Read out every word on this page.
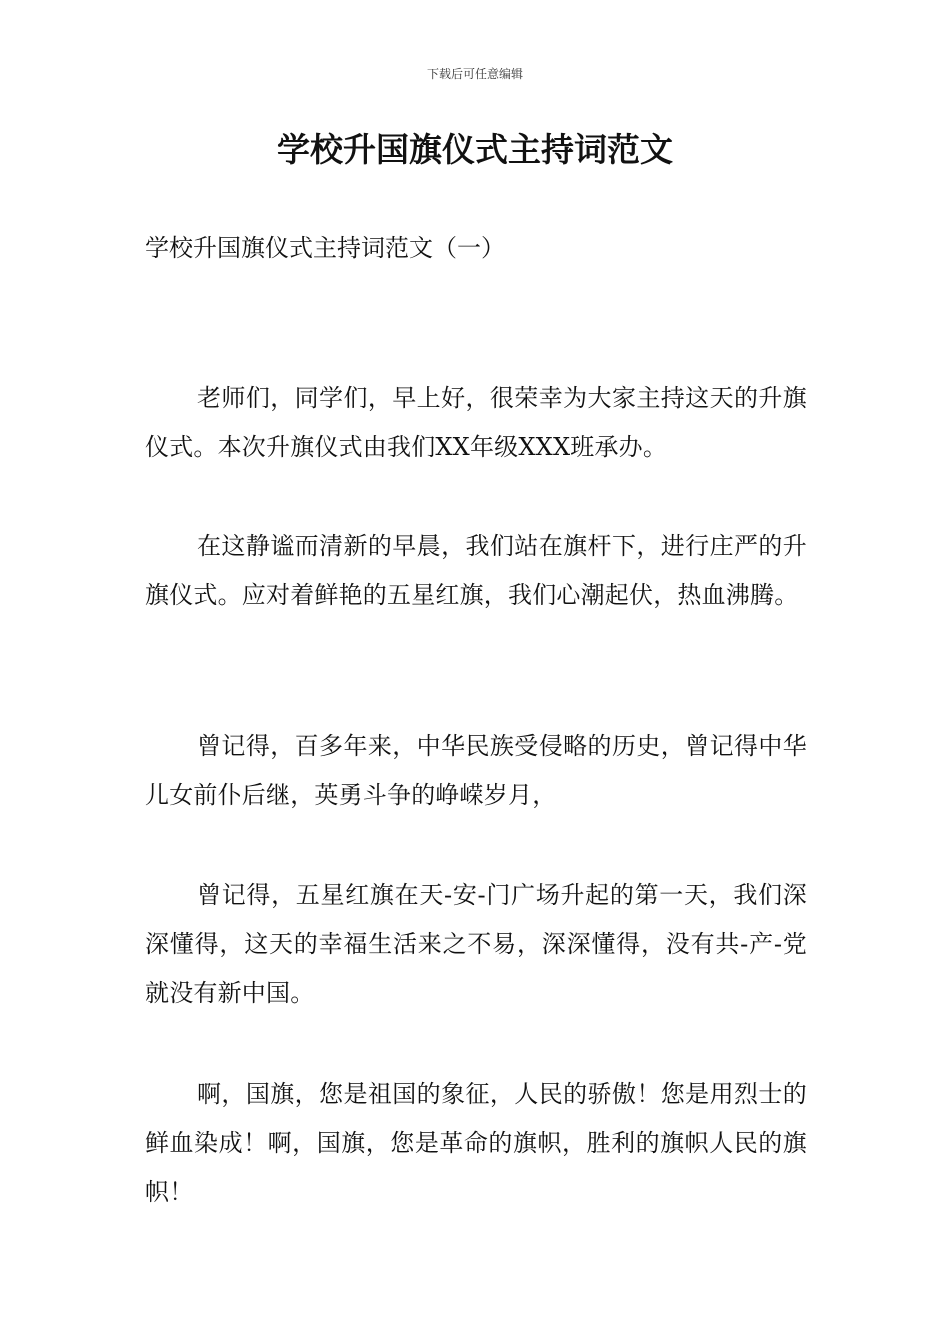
下载后可任意编辑
学校升国旗仪式主持词范文
学校升国旗仪式主持词范文（一）

老师们，同学们，早上好，很荣幸为大家主持这天的升旗仪式。本次升旗仪式由我们XX年级XXX班承办。

在这静谧而清新的早晨，我们站在旗杆下，进行庄严的升旗仪式。应对着鲜艳的五星红旗，我们心潮起伏，热血沸腾。

曾记得，百多年来，中华民族受侵略的历史，曾记得中华儿女前仆后继，英勇斗争的峥嵘岁月，

曾记得，五星红旗在天-安-门广场升起的第一天，我们深深懂得，这天的幸福生活来之不易，深深懂得，没有共-产-党就没有新中国。

啊，国旗，您是祖国的象征，人民的骄傲！您是用烈士的鲜血染成！啊，国旗，您是革命的旗帜，胜利的旗帜人民的旗帜！
